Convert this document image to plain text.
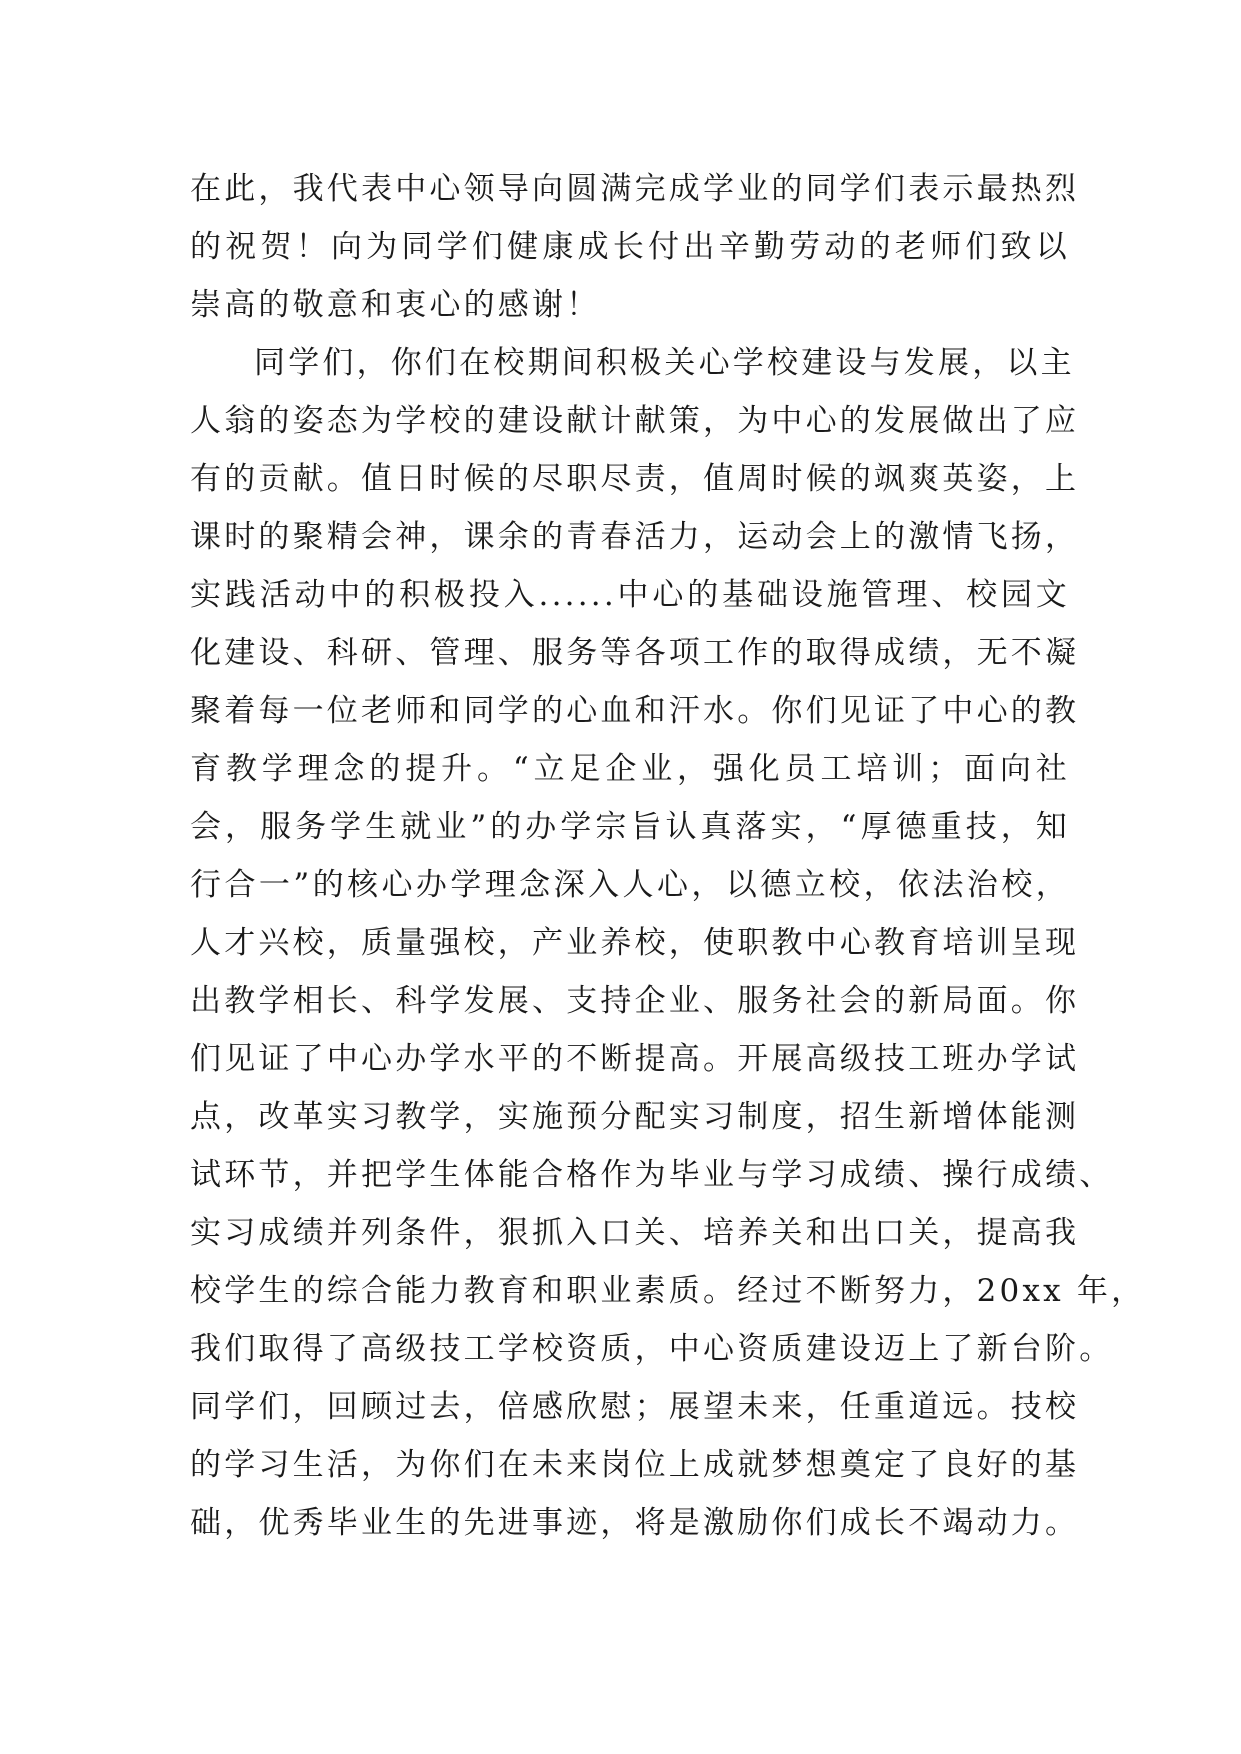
在此，我代表中心领导向圆满完成学业的同学们表示最热烈
的祝贺！向为同学们健康成长付出辛勤劳动的老师们致以
崇高的敬意和衷心的感谢！
同学们，你们在校期间积极关心学校建设与发展，以主
人翁的姿态为学校的建设献计献策，为中心的发展做出了应
有的贡献。值日时候的尽职尽责，值周时候的飒爽英姿，上
课时的聚精会神，课余的青春活力，运动会上的激情飞扬，
实践活动中的积极投入......中心的基础设施管理、校园文
化建设、科研、管理、服务等各项工作的取得成绩，无不凝
聚着每一位老师和同学的心血和汗水。你们见证了中心的教
育教学理念的提升。“立足企业，强化员工培训；面向社
会，服务学生就业”的办学宗旨认真落实，“厚德重技，知
行合一”的核心办学理念深入人心，以德立校，依法治校，
人才兴校，质量强校，产业养校，使职教中心教育培训呈现
出教学相长、科学发展、支持企业、服务社会的新局面。你
们见证了中心办学水平的不断提高。开展高级技工班办学试
点，改革实习教学，实施预分配实习制度，招生新增体能测
试环节，并把学生体能合格作为毕业与学习成绩、操行成绩、
实习成绩并列条件，狠抓入口关、培养关和出口关，提高我
校学生的综合能力教育和职业素质。经过不断努力，20xx 年，
我们取得了高级技工学校资质，中心资质建设迈上了新台阶。
同学们，回顾过去，倍感欣慰；展望未来，任重道远。技校
的学习生活，为你们在未来岗位上成就梦想奠定了良好的基
础，优秀毕业生的先进事迹，将是激励你们成长不竭动力。
